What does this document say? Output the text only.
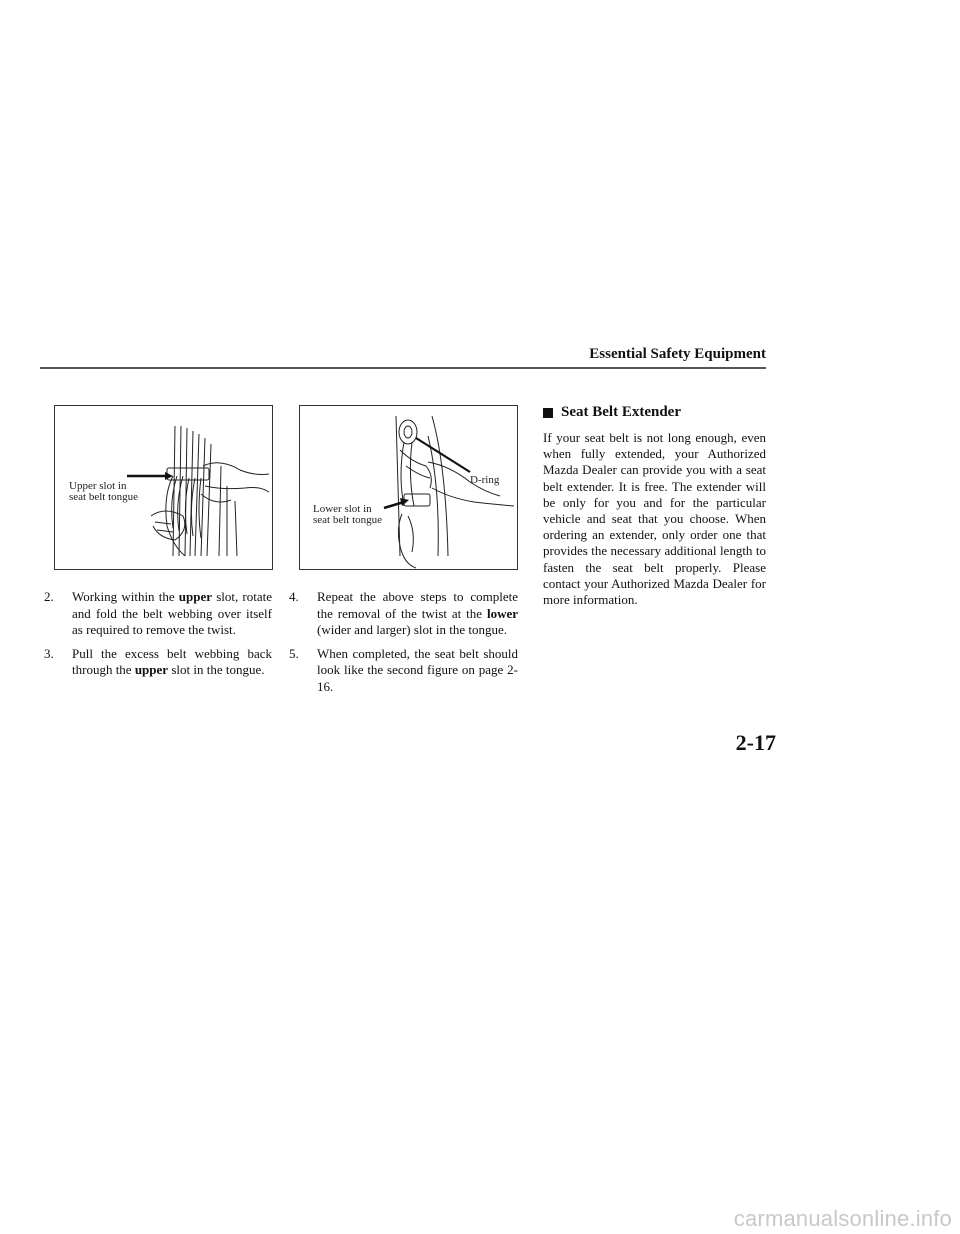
Essential Safety Equipment
Upper slot in
seat belt tongue
Lower slot in
seat belt tongue
D-ring
2.	Working within the upper slot, rotate and fold the belt webbing over itself as required to remove the twist.
3.	Pull the excess belt webbing back through the upper slot in the tongue.
4.	Repeat the above steps to complete the removal of the twist at the lower (wider and larger) slot in the tongue.
5.	When completed, the seat belt should look like the second figure on page 2-16.
Seat Belt Extender
If your seat belt is not long enough, even when fully extended, your Authorized Mazda Dealer can provide you with a seat belt extender. It is free. The extender will be only for you and for the particular vehicle and seat that you choose. When ordering an extender, only order one that provides the necessary additional length to fasten the seat belt properly. Please contact your Authorized Mazda Dealer for more information.
2-17
carmanualsonline.info
